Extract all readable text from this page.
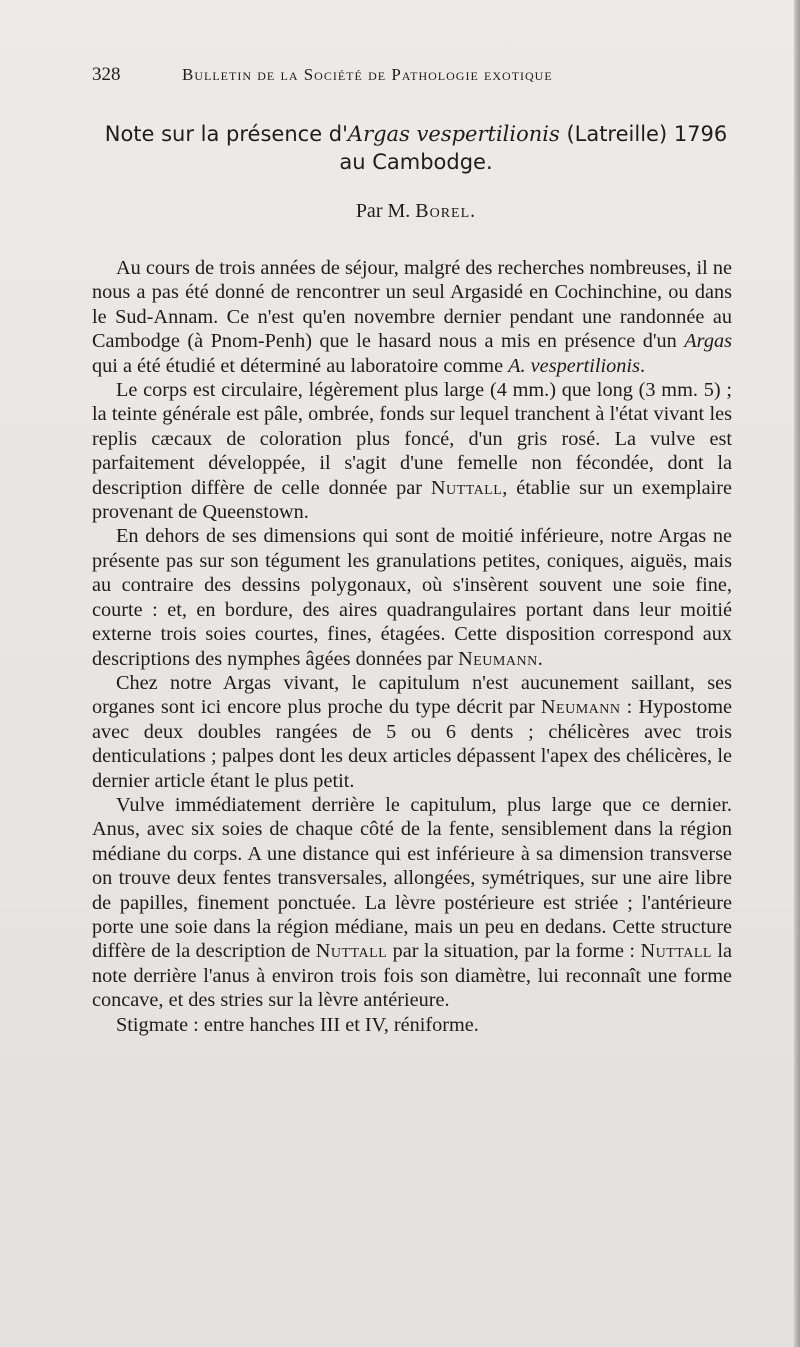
328	Bulletin de la Société de Pathologie exotique
Note sur la présence d'Argas vespertilionis (Latreille) 1796
au Cambodge.
Par M. Borel.

Au cours de trois années de séjour, malgré des recherches nombreuses, il ne nous a pas été donné de rencontrer un seul Argasidé en Cochinchine, ou dans le Sud-Annam. Ce n'est qu'en novembre dernier pendant une randonnée au Cambodge (à Pnom-Penh) que le hasard nous a mis en présence d'un Argas qui a été étudié et déterminé au laboratoire comme A. vespertilionis.

Le corps est circulaire, légèrement plus large (4 mm.) que long (3 mm. 5) ; la teinte générale est pâle, ombrée, fonds sur lequel tranchent à l'état vivant les replis cæcaux de coloration plus foncé, d'un gris rosé. La vulve est parfaitement développée, il s'agit d'une femelle non fécondée, dont la description diffère de celle donnée par Nuttall, établie sur un exemplaire provenant de Queenstown.

En dehors de ses dimensions qui sont de moitié inférieure, notre Argas ne présente pas sur son tégument les granulations petites, coniques, aiguës, mais au contraire des dessins polygonaux, où s'insèrent souvent une soie fine, courte : et, en bordure, des aires quadrangulaires portant dans leur moitié externe trois soies courtes, fines, étagées. Cette disposition correspond aux descriptions des nymphes âgées données par Neumann.

Chez notre Argas vivant, le capitulum n'est aucunement saillant, ses organes sont ici encore plus proche du type décrit par Neumann : Hypostome avec deux doubles rangées de 5 ou 6 dents ; chélicères avec trois denticulations ; palpes dont les deux articles dépassent l'apex des chélicères, le dernier article étant le plus petit.

Vulve immédiatement derrière le capitulum, plus large que ce dernier. Anus, avec six soies de chaque côté de la fente, sensiblement dans la région médiane du corps. A une distance qui est inférieure à sa dimension transverse on trouve deux fentes transversales, allongées, symétriques, sur une aire libre de papilles, finement ponctuée. La lèvre postérieure est striée ; l'antérieure porte une soie dans la région médiane, mais un peu en dedans. Cette structure diffère de la description de Nuttall par la situation, par la forme : Nuttall la note derrière l'anus à environ trois fois son diamètre, lui reconnaît une forme concave, et des stries sur la lèvre antérieure.

Stigmate : entre hanches III et IV, réniforme.
